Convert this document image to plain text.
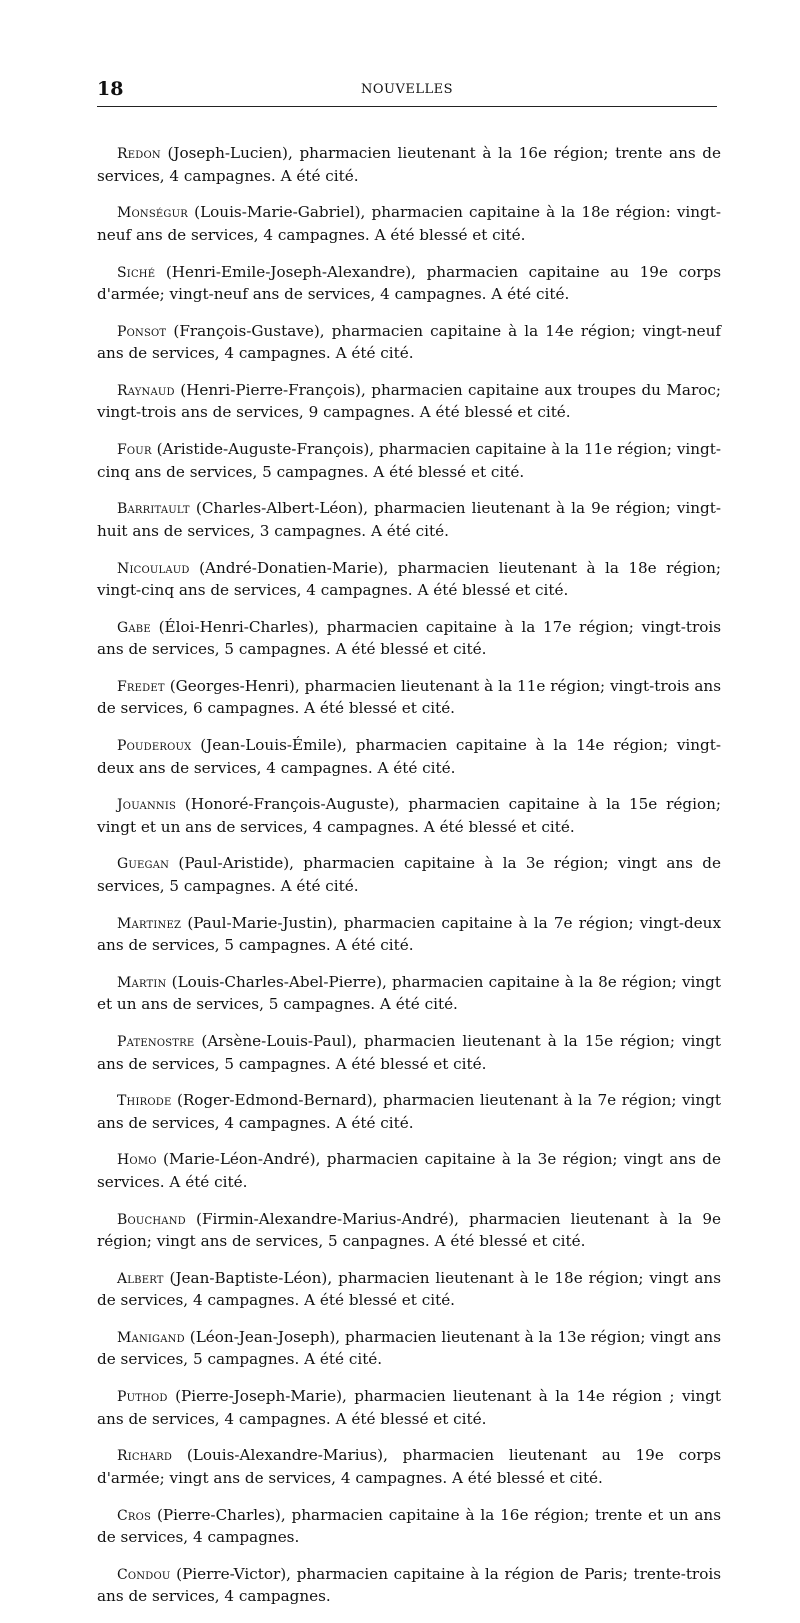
18	NOUVELLES

Redon (Joseph-Lucien), pharmacien lieutenant à la 16e région; trente ans de services, 4 campagnes. A été cité.

Monségur (Louis-Marie-Gabriel), pharmacien capitaine à la 18e région: vingt-neuf ans de services, 4 campagnes. A été blessé et cité.

Siché (Henri-Emile-Joseph-Alexandre), pharmacien capitaine au 19e corps d'armée; vingt-neuf ans de services, 4 campagnes. A été cité.

Ponsot (François-Gustave), pharmacien capitaine à la 14e région; vingt-neuf ans de services, 4 campagnes. A été cité.

Raynaud (Henri-Pierre-François), pharmacien capitaine aux troupes du Maroc; vingt-trois ans de services, 9 campagnes. A été blessé et cité.

Four (Aristide-Auguste-François), pharmacien capitaine à la 11e région; vingt-cinq ans de services, 5 campagnes. A été blessé et cité.

Barritault (Charles-Albert-Léon), pharmacien lieutenant à la 9e région; vingt-huit ans de services, 3 campagnes. A été cité.

Nicoulaud (André-Donatien-Marie), pharmacien lieutenant à la 18e région; vingt-cinq ans de services, 4 campagnes. A été blessé et cité.

Gabe (Éloi-Henri-Charles), pharmacien capitaine à la 17e région; vingt-trois ans de services, 5 campagnes. A été blessé et cité.

Fredet (Georges-Henri), pharmacien lieutenant à la 11e région; vingt-trois ans de services, 6 campagnes. A été blessé et cité.

Pouderoux (Jean-Louis-Émile), pharmacien capitaine à la 14e région; vingt-deux ans de services, 4 campagnes. A été cité.

Jouannis (Honoré-François-Auguste), pharmacien capitaine à la 15e région; vingt et un ans de services, 4 campagnes. A été blessé et cité.

Guegan (Paul-Aristide), pharmacien capitaine à la 3e région; vingt ans de services, 5 campagnes. A été cité.

Martinez (Paul-Marie-Justin), pharmacien capitaine à la 7e région; vingt-deux ans de services, 5 campagnes. A été cité.

Martin (Louis-Charles-Abel-Pierre), pharmacien capitaine à la 8e région; vingt et un ans de services, 5 campagnes. A été cité.

Patenostre (Arsène-Louis-Paul), pharmacien lieutenant à la 15e région; vingt ans de services, 5 campagnes. A été blessé et cité.

Thirode (Roger-Edmond-Bernard), pharmacien lieutenant à la 7e région; vingt ans de services, 4 campagnes. A été cité.

Homo (Marie-Léon-André), pharmacien capitaine à la 3e région; vingt ans de services. A été cité.

Bouchand (Firmin-Alexandre-Marius-André), pharmacien lieutenant à la 9e région; vingt ans de services, 5 canpagnes. A été blessé et cité.

Albert (Jean-Baptiste-Léon), pharmacien lieutenant à le 18e région; vingt ans de services, 4 campagnes. A été blessé et cité.

Manigand (Léon-Jean-Joseph), pharmacien lieutenant à la 13e région; vingt ans de services, 5 campagnes. A été cité.

Puthod (Pierre-Joseph-Marie), pharmacien lieutenant à la 14e région ; vingt ans de services, 4 campagnes. A été blessé et cité.

Richard (Louis-Alexandre-Marius), pharmacien lieutenant au 19e corps d'armée; vingt ans de services, 4 campagnes. A été blessé et cité.

Cros (Pierre-Charles), pharmacien capitaine à la 16e région; trente et un ans de services, 4 campagnes.

Condou (Pierre-Victor), pharmacien capitaine à la région de Paris; trente-trois ans de services, 4 campagnes.
